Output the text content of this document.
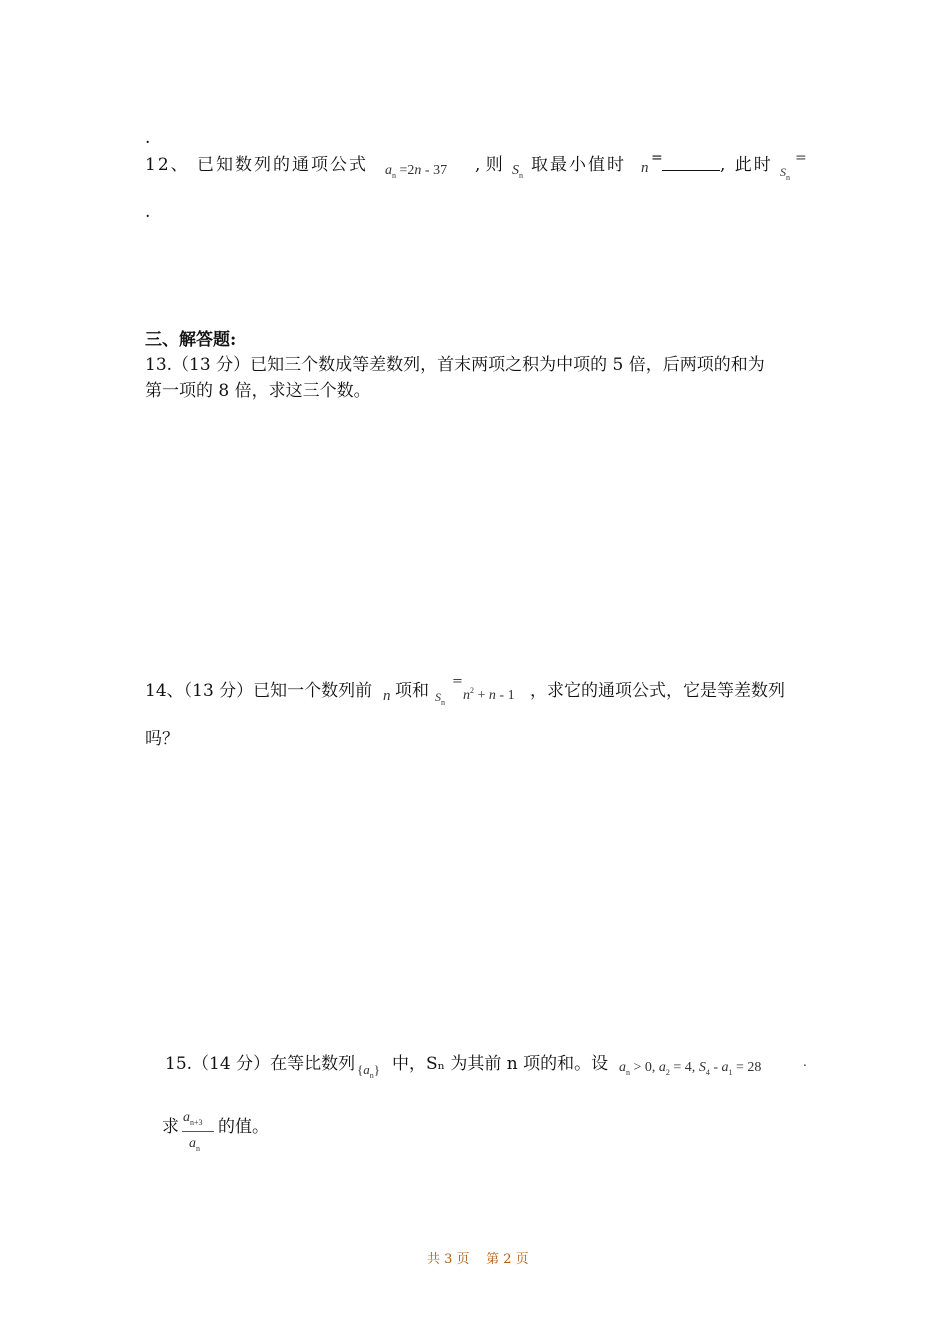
.
12、 已知数列的通项公式 $a_n =2n - 37$ , 则 $S_n$
取最小值时 n
=	, 此时 $S_n$
=
.
三、解答题:
13.（13 分）已知三个数成等差数列，首末两项之积为中项的 5 倍，后两项的和为
第一项的 8 倍，求这三个数。
14、（13 分）已知一个数列前 n 项和 $S_n$
=
$n^2 + n - 1$ ，求它的通项公式，它是等差数列
吗？
15.（14 分）在等比数列 $\{a_n\}$ 中，Sₙ 为其前 n 项的和。设 $a_n > 0$, $a_2 = 4$, $S_4 - a_1 = 28$	.
求 $a_{n+3}$
$a_n$
的值。
共 3 页    第 2 页
